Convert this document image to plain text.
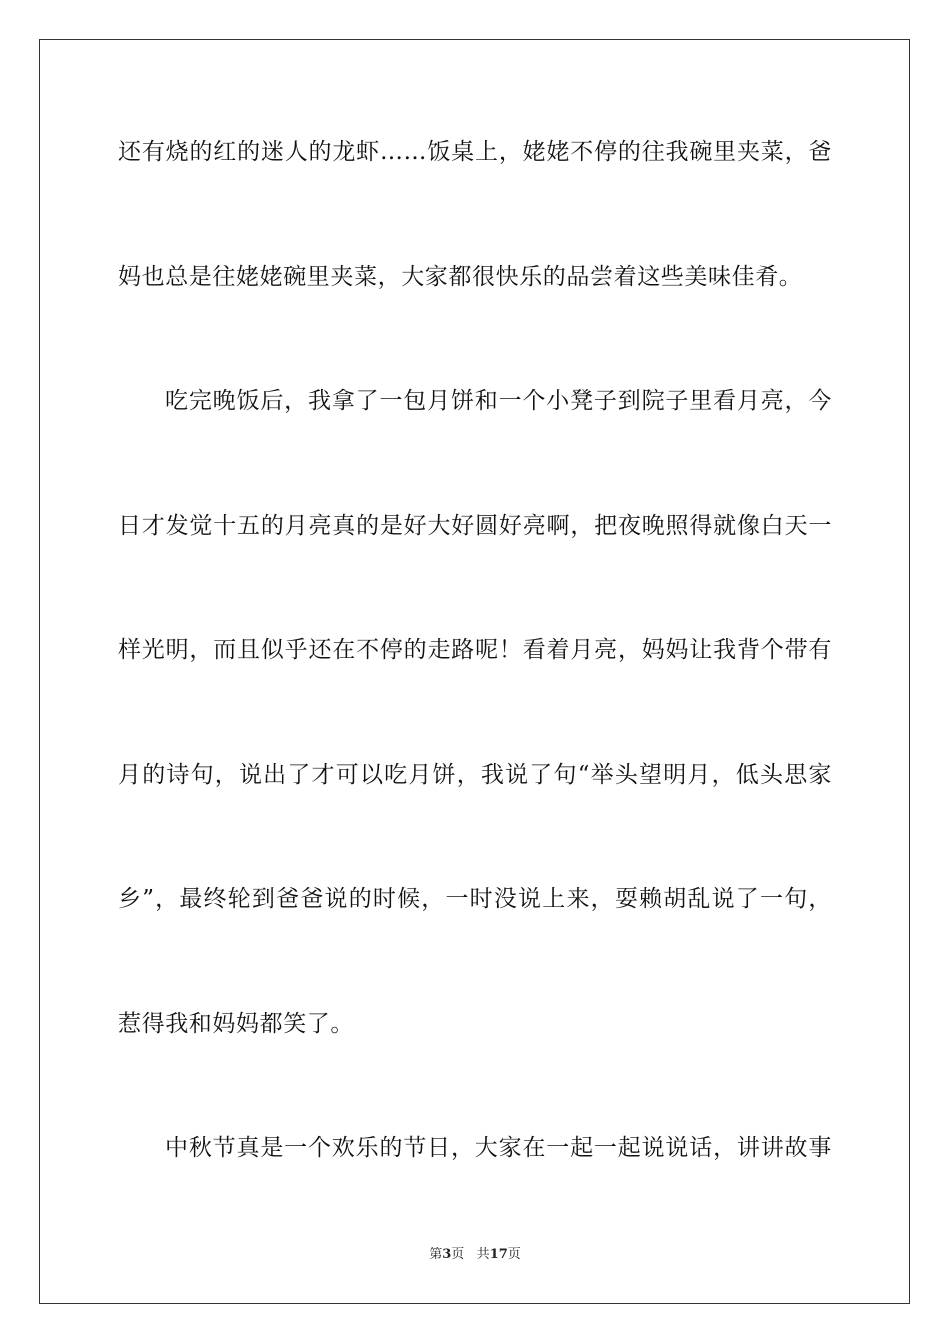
还有烧的红的迷人的龙虾……饭桌上，姥姥不停的往我碗里夹菜，爸
妈也总是往姥姥碗里夹菜，大家都很快乐的品尝着这些美味佳肴。
吃完晚饭后，我拿了一包月饼和一个小凳子到院子里看月亮，今
日才发觉十五的月亮真的是好大好圆好亮啊，把夜晚照得就像白天一
样光明，而且似乎还在不停的走路呢！看着月亮，妈妈让我背个带有
月的诗句，说出了才可以吃月饼，我说了句“举头望明月，低头思家
乡”，最终轮到爸爸说的时候，一时没说上来，耍赖胡乱说了一句，
惹得我和妈妈都笑了。
中秋节真是一个欢乐的节日，大家在一起一起说说话，讲讲故事
第3页 共17页
